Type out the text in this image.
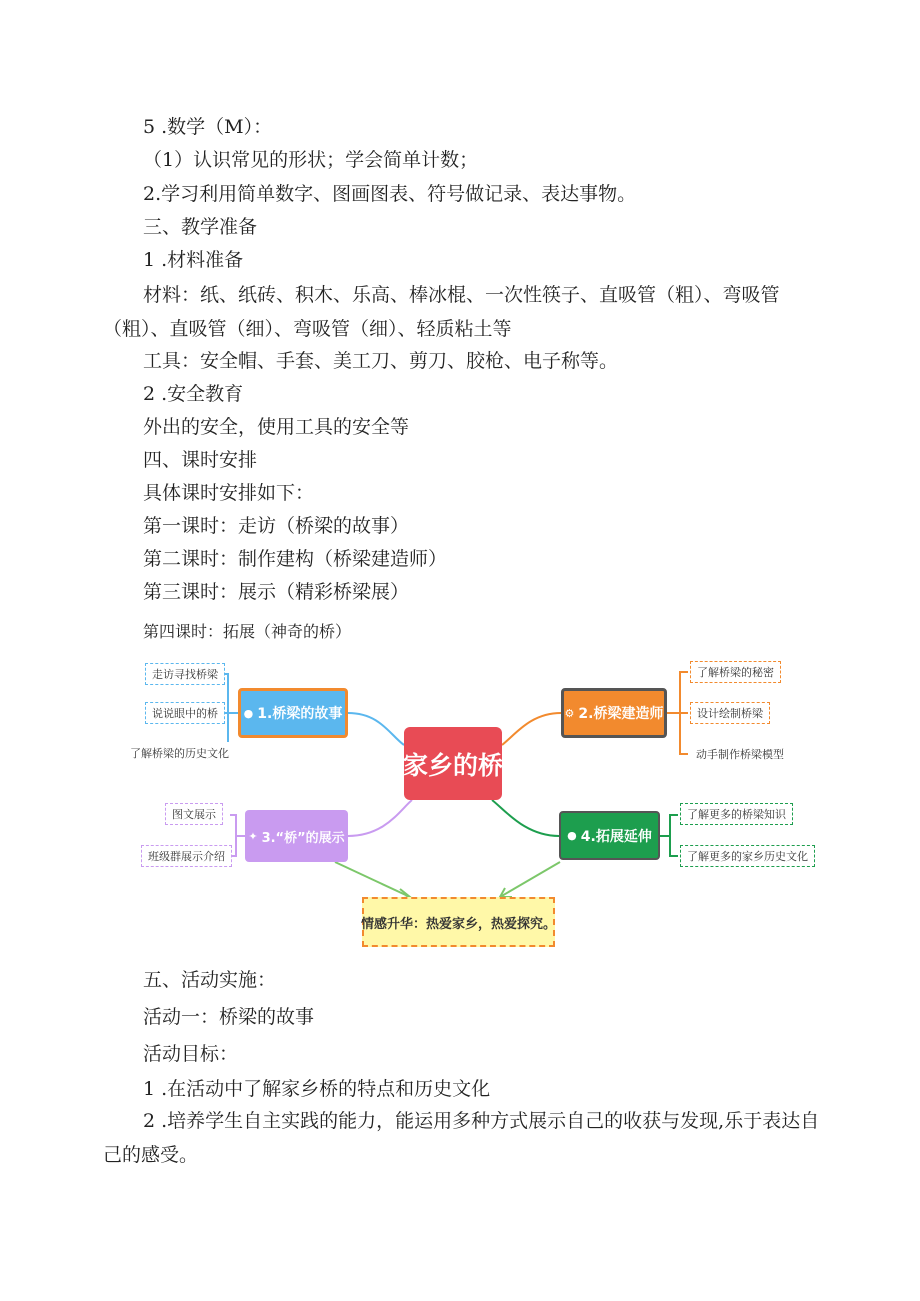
5 .数学（M）：
（1）认识常见的形状；学会简单计数；
2.学习利用简单数字、图画图表、符号做记录、表达事物。
三、教学准备
1 .材料准备
材料：纸、纸砖、积木、乐高、棒冰棍、一次性筷子、直吸管（粗）、弯吸管（粗）、直吸管（细）、弯吸管（细）、轻质粘土等
工具：安全帽、手套、美工刀、剪刀、胶枪、电子称等。
2 .安全教育
外出的安全，使用工具的安全等
四、课时安排
具体课时安排如下：
第一课时：走访（桥梁的故事）
第二课时：制作建构（桥梁建造师）
第三课时：展示（精彩桥梁展）
第四课时：拓展（神奇的桥）
家乡的桥
● 1.桥梁的故事
走访寻找桥梁
说说眼中的桥
了解桥梁的历史文化
⚙ 2.桥梁建造师
了解桥梁的秘密
设计绘制桥梁
动手制作桥梁模型
✦ 3.“桥”的展示
图文展示
班级群展示介绍
● 4.拓展延伸
了解更多的桥梁知识
了解更多的家乡历史文化
情感升华：热爱家乡，热爱探究。
五、活动实施：
活动一：桥梁的故事
活动目标：
1 .在活动中了解家乡桥的特点和历史文化
2 .培养学生自主实践的能力，能运用多种方式展示自己的收获与发现,乐于表达自己的感受。
